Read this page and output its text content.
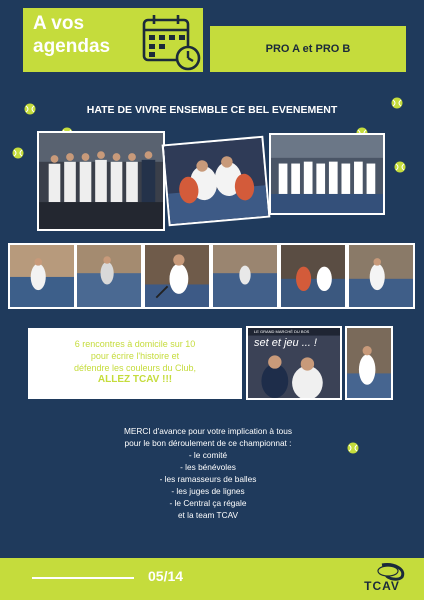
A vos
agendas	PRO A et PRO B
HATE DE VIVRE ENSEMBLE CE BEL EVENEMENT
6 rencontres à domicile sur 10
pour écrire l'histoire et
défendre les couleurs du Club,
ALLEZ TCAV !!!
LE GRAND MARCHÉ DU BOS
set et jeu ... !
MERCI d'avance pour votre implication à tous
pour le bon déroulement de ce championnat :
- le comité
- les bénévoles
- les ramasseurs de balles
- les juges de lignes
- le Central ça régale
et la team TCAV
05/14
TCAV
